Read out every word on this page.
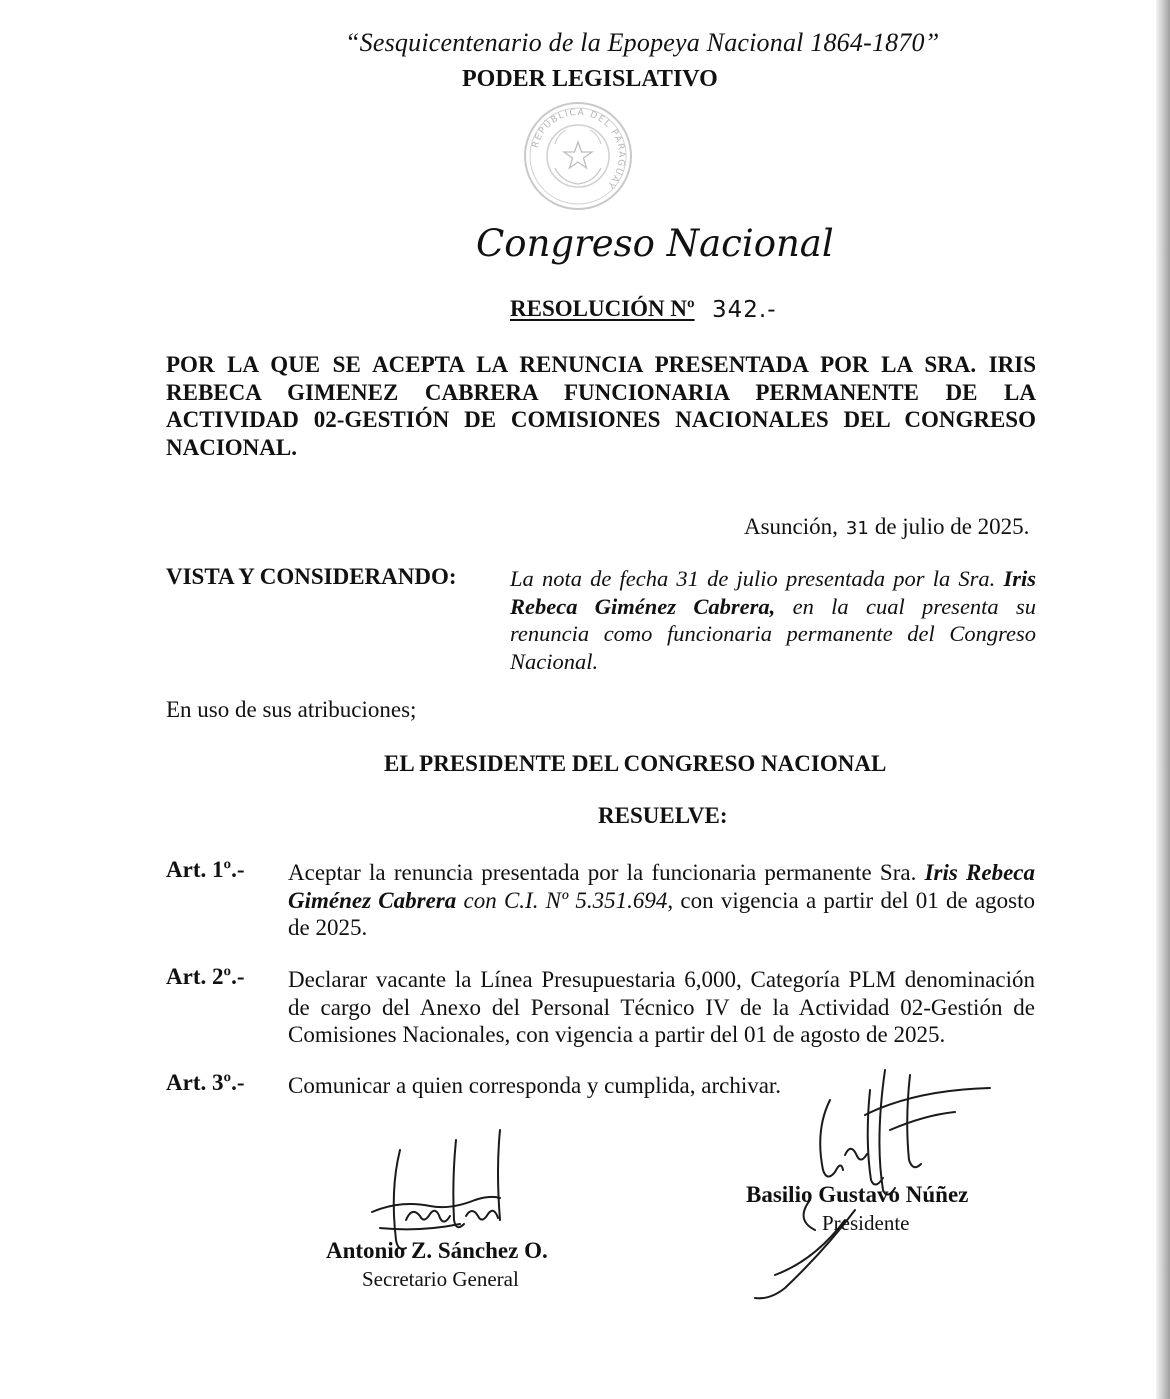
“Sesquicentenario de la Epopeya Nacional 1864-1870”
PODER LEGISLATIVO
REPÚBLICA DEL PARAGUAY
Congreso Nacional
RESOLUCIÓN Nº 342.-
POR LA QUE SE ACEPTA LA RENUNCIA PRESENTADA POR LA SRA. IRIS REBECA GIMENEZ CABRERA FUNCIONARIA PERMANENTE DE LA ACTIVIDAD 02-GESTIÓN DE COMISIONES NACIONALES DEL CONGRESO NACIONAL.
Asunción, 31 de julio de 2025.
VISTA Y CONSIDERANDO: La nota de fecha 31 de julio presentada por la Sra. Iris Rebeca Giménez Cabrera, en la cual presenta su renuncia como funcionaria permanente del Congreso Nacional.
En uso de sus atribuciones;
EL PRESIDENTE DEL CONGRESO NACIONAL
RESUELVE:
Art. 1º.- Aceptar la renuncia presentada por la funcionaria permanente Sra. Iris Rebeca Giménez Cabrera con C.I. Nº 5.351.694, con vigencia a partir del 01 de agosto de 2025.
Art. 2º.- Declarar vacante la Línea Presupuestaria 6,000, Categoría PLM denominación de cargo del Anexo del Personal Técnico IV de la Actividad 02-Gestión de Comisiones Nacionales, con vigencia a partir del 01 de agosto de 2025.
Art. 3º.- Comunicar a quien corresponda y cumplida, archivar.
Antonio Z. Sánchez O.
Secretario General
Basilio Gustavo Núñez
Presidente
